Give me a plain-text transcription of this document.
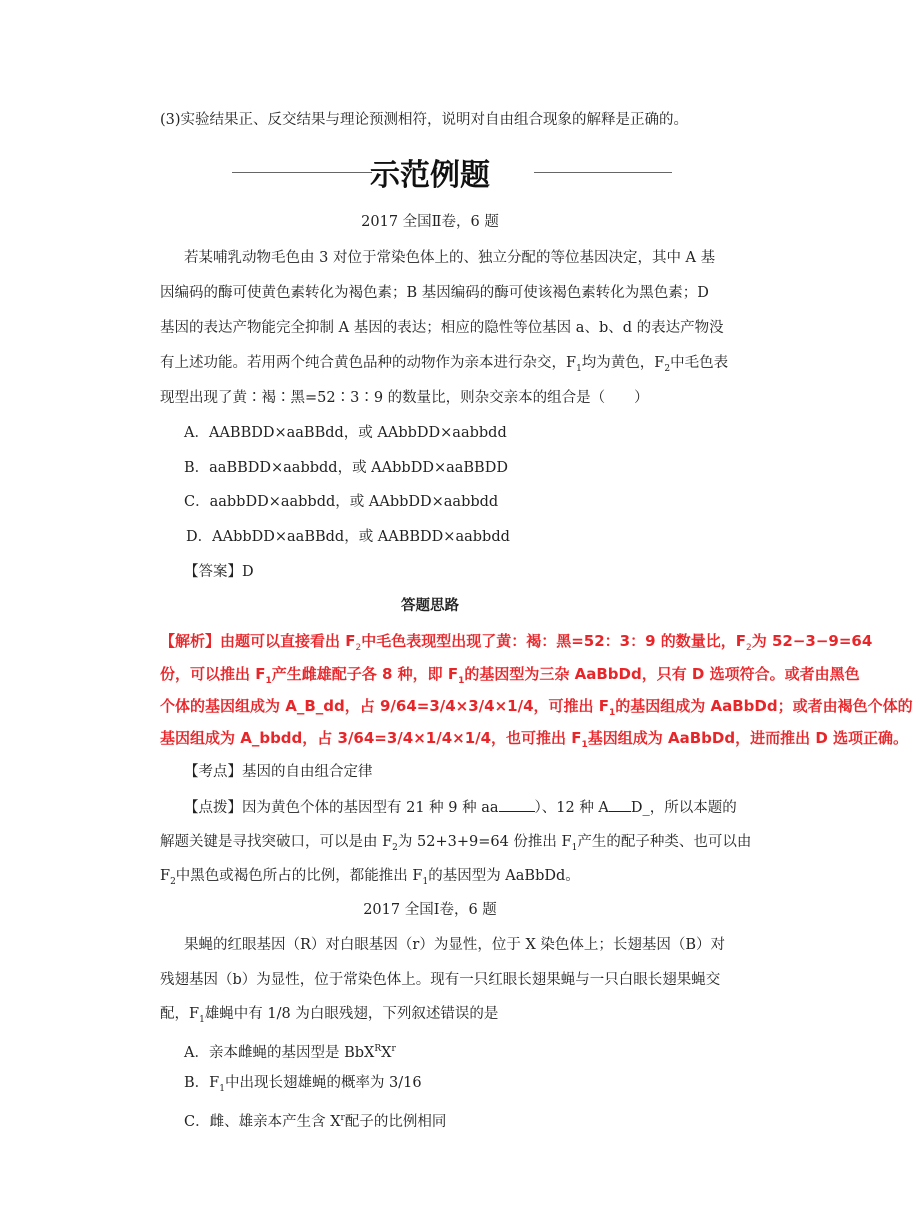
(3)实验结果正、反交结果与理论预测相符，说明对自由组合现象的解释是正确的。
示范例题
2017 全国Ⅱ卷，6 题
若某哺乳动物毛色由 3 对位于常染色体上的、独立分配的等位基因决定，其中 A 基
因编码的酶可使黄色素转化为褐色素；B 基因编码的酶可使该褐色素转化为黑色素；D
基因的表达产物能完全抑制 A 基因的表达；相应的隐性等位基因 a、b、d 的表达产物没
有上述功能。若用两个纯合黄色品种的动物作为亲本进行杂交，$F_1$均为黄色，$F_2$中毛色表
现型出现了黄∶褐∶黑=52∶3∶9 的数量比，则杂交亲本的组合是（　　）
A．AABBDD×aaBBdd，或 AAbbDD×aabbdd
B．aaBBDD×aabbdd，或 AAbbDD×aaBBDD
C．aabbDD×aabbdd，或 AAbbDD×aabbdd
D．AAbbDD×aaBBdd，或 AABBDD×aabbdd
【答案】D
答题思路
【解析】由题可以直接看出 $F_2$中毛色表现型出现了黄：褐：黑=52：3：9 的数量比，$F_2$为 52−3−9=64
份，可以推出 $F_1$产生雌雄配子各 8 种，即 $F_1$的基因型为三杂 AaBbDd，只有 D 选项符合。或者由黑色
个体的基因组成为 A_B_dd，占 9/64=3/4×3/4×1/4，可推出 $F_1$的基因组成为 AaBbDd；或者由褐色个体的
基因组成为 A_bbdd，占 3/64=3/4×1/4×1/4，也可推出 $F_1$基因组成为 AaBbDd，进而推出 D 选项正确。
【考点】基因的自由组合定律
【点拨】因为黄色个体的基因型有 21 种 9 种 aa ）、12 种 A D_，所以本题的
解题关键是寻找突破口，可以是由 $F_2$为 52+3+9=64 份推出 $F_1$产生的配子种类、也可以由
$F_2$中黑色或褐色所占的比例，都能推出 $F_1$的基因型为 AaBbDd。
2017 全国Ⅰ卷，6 题
果蝇的红眼基因（R）对白眼基因（r）为显性，位于 X 染色体上；长翅基因（B）对
残翅基因（b）为显性，位于常染色体上。现有一只红眼长翅果蝇与一只白眼长翅果蝇交
配，$F_1$雄蝇中有 1/8 为白眼残翅，下列叙述错误的是
A．亲本雌蝇的基因型是 $BbX^RX^r$
B．$F_1$中出现长翅雄蝇的概率为 3/16
C．雌、雄亲本产生含 $X^r$配子的比例相同
